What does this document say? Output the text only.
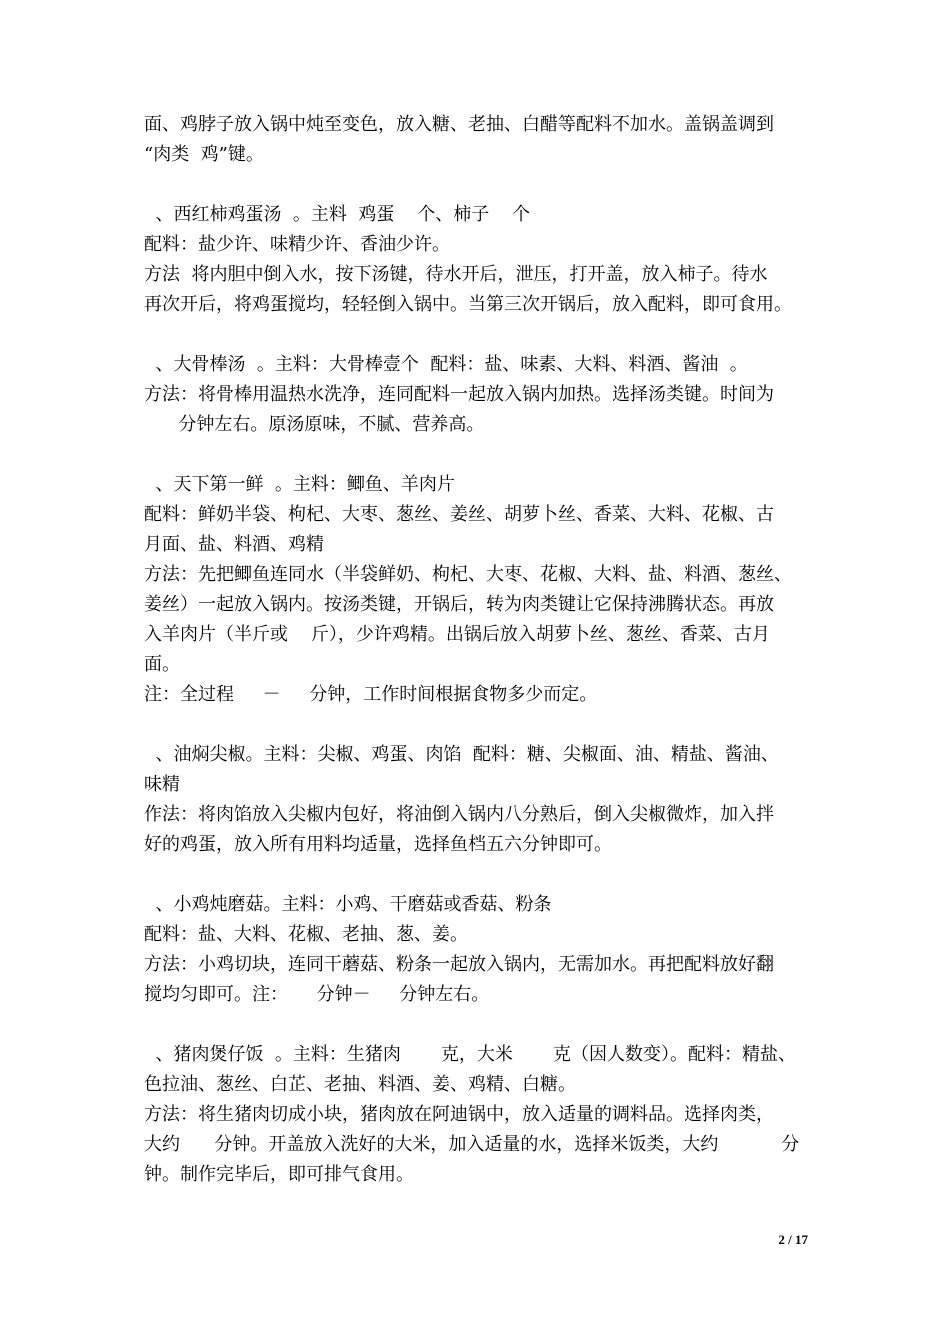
面、鸡脖子放入锅中炖至变色，放入糖、老抽、白醋等配料不加水。盖锅盖调到
“肉类  鸡”键。
、西红柿鸡蛋汤  。主料  鸡蛋    个、柿子    个
配料：盐少许、味精少许、香油少许。
方法  将内胆中倒入水，按下汤键，待水开后，泄压，打开盖，放入柿子。待水
再次开后，将鸡蛋搅均，轻轻倒入锅中。当第三次开锅后，放入配料，即可食用。
、大骨棒汤  。主料：大骨棒壹个  配料：盐、味素、大料、料酒、酱油  。
方法：将骨棒用温热水洗净，连同配料一起放入锅内加热。选择汤类键。时间为
分钟左右。原汤原味，不腻、营养高。
、天下第一鲜  。主料：鲫鱼、羊肉片
配料：鲜奶半袋、枸杞、大枣、葱丝、姜丝、胡萝卜丝、香菜、大料、花椒、古
月面、盐、料酒、鸡精
方法：先把鲫鱼连同水（半袋鲜奶、枸杞、大枣、花椒、大料、盐、料酒、葱丝、
姜丝）一起放入锅内。按汤类键，开锅后，转为肉类键让它保持沸腾状态。再放
入羊肉片（半斤或    斤），少许鸡精。出锅后放入胡萝卜丝、葱丝、香菜、古月
面。
注：全过程     －     分钟，工作时间根据食物多少而定。
、油焖尖椒。主料：尖椒、鸡蛋、肉馅  配料：糖、尖椒面、油、精盐、酱油、
味精
作法：将肉馅放入尖椒内包好，将油倒入锅内八分熟后，倒入尖椒微炸，加入拌
好的鸡蛋，放入所有用料均适量，选择鱼档五六分钟即可。
、小鸡炖磨菇。主料：小鸡、干磨菇或香菇、粉条
配料：盐、大料、花椒、老抽、葱、姜。
方法：小鸡切块，连同干蘑菇、粉条一起放入锅内，无需加水。再把配料放好翻
搅均匀即可。注：     分钟－     分钟左右。
、猪肉煲仔饭  。主料：生猪肉       克，大米       克（因人数变）。配料：精盐、
色拉油、葱丝、白芷、老抽、料酒、姜、鸡精、白糖。
方法：将生猪肉切成小块，猪肉放在阿迪锅中，放入适量的调料品。选择肉类，
大约      分钟。开盖放入洗好的大米，加入适量的水，选择米饭类，大约           分
钟。制作完毕后，即可排气食用。
2 / 17
